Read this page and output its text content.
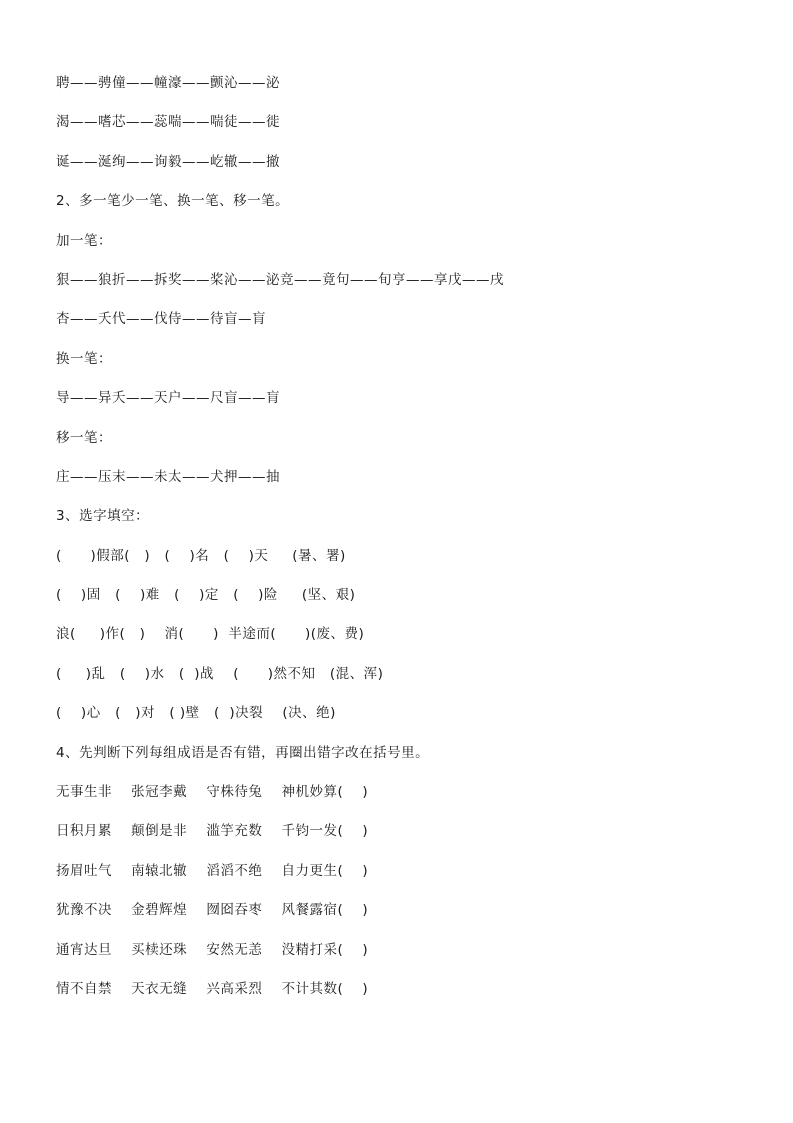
聘——骋僮——幢濠——颤沁——泌
渴——嗜芯——蕊喘——喘徒——徙
诞——涎绚——询毅——屹辙——撤
2、多一笔少一笔、换一笔、移一笔。
加一笔：
狠——狼折——拆奖——桨沁——泌竞——竟句——旬亨——享戊——戌
杏——夭代——伐侍——待盲—肓
换一笔：
导——异夭——天户——尺盲——肓
移一笔：
庄——压末——未太——犬押——抽
3、选字填空：
(      )假部(   )   (    )名   (    )天     (暑、署)
(    )固   (    )难   (    )定   (    )险     (坚、艰)
浪(     )作(   )    消(      )  半途而(      )(废、费)
(     )乱   (    )水   (  )战    (      )然不知   (混、浑)
(    )心   (   )对   ( )壁   (  )决裂    (决、绝)
4、先判断下列每组成语是否有错，再圈出错字改在括号里。
无事生非    张冠李戴    守株待兔    神机妙算(    )
日积月累    颠倒是非    滥竽充数    千钧一发(    )
扬眉吐气    南辕北辙    滔滔不绝    自力更生(    )
犹豫不决    金碧辉煌    囫囵吞枣    风餐露宿(    )
通宵达旦    买椟还珠    安然无恙    没精打采(    )
情不自禁    天衣无缝    兴高采烈    不计其数(    )
